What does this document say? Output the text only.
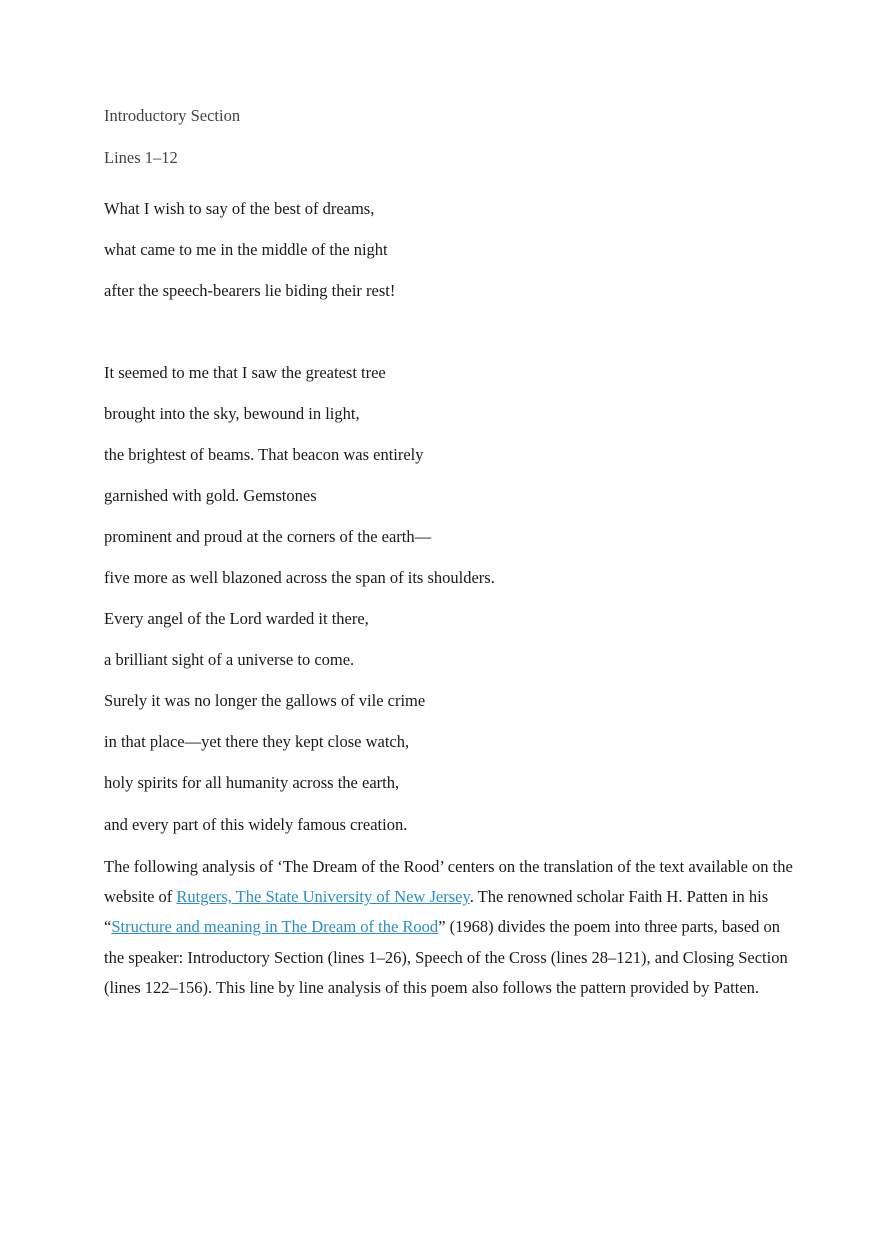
Introductory Section
Lines 1–12
What I wish to say of the best of dreams,
what came to me in the middle of the night
after the speech-bearers lie biding their rest!
It seemed to me that I saw the greatest tree
brought into the sky, bewound in light,
the brightest of beams. That beacon was entirely
garnished with gold. Gemstones
prominent and proud at the corners of the earth—
five more as well blazoned across the span of its shoulders.
Every angel of the Lord warded it there,
a brilliant sight of a universe to come.
Surely it was no longer the gallows of vile crime
in that place—yet there they kept close watch,
holy spirits for all humanity across the earth,
and every part of this widely famous creation.

The following analysis of ‘The Dream of the Rood’ centers on the translation of the text available on the website of Rutgers, The State University of New Jersey. The renowned scholar Faith H. Patten in his “Structure and meaning in The Dream of the Rood” (1968) divides the poem into three parts, based on the speaker: Introductory Section (lines 1–26), Speech of the Cross (lines 28–121), and Closing Section (lines 122–156). This line by line analysis of this poem also follows the pattern provided by Patten.
